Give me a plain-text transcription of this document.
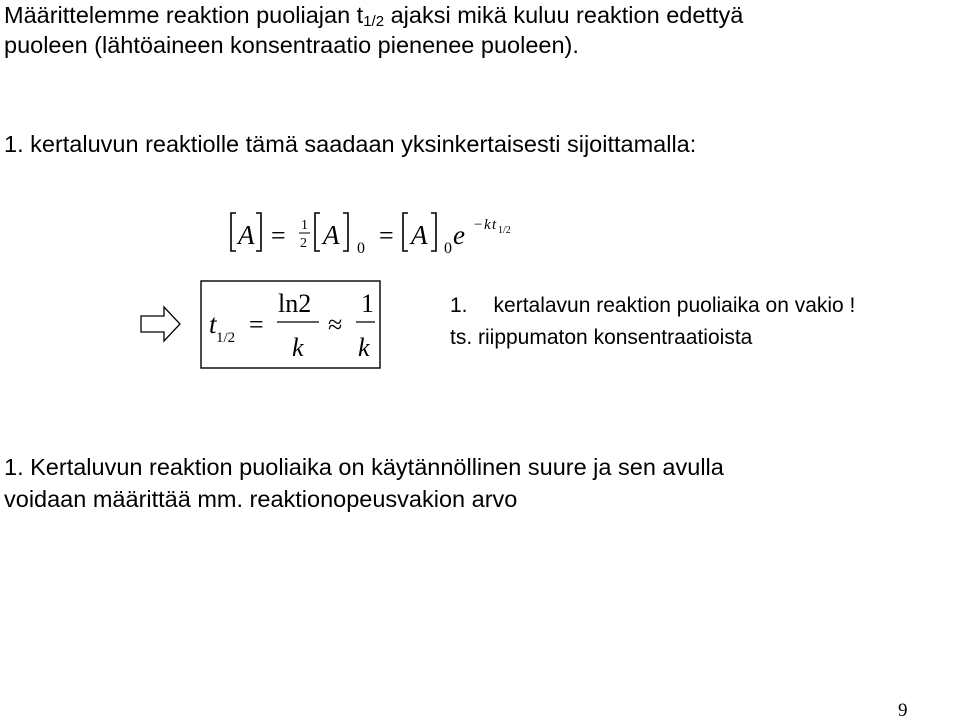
Määrittelemme reaktion puoliajan $t_{1/2}$ ajaksi mikä kuluu reaktion edettyä
puoleen (lähtöaineen konsentraatio pienenee puoleen).
1. kertaluvun reaktiolle tämä saadaan yksinkertaisesti sijoittamalla:
A = 1
2 A 0 = A 0 e − k t 1/2
t 1/2 =
ln2
k
≈
1
k
1. kertalavun reaktion puoliaika on vakio !
ts. riippumaton konsentraatioista
1. Kertaluvun reaktion puoliaika on käytännöllinen suure ja sen avulla
voidaan määrittää mm. reaktionopeusvakion arvo
9
